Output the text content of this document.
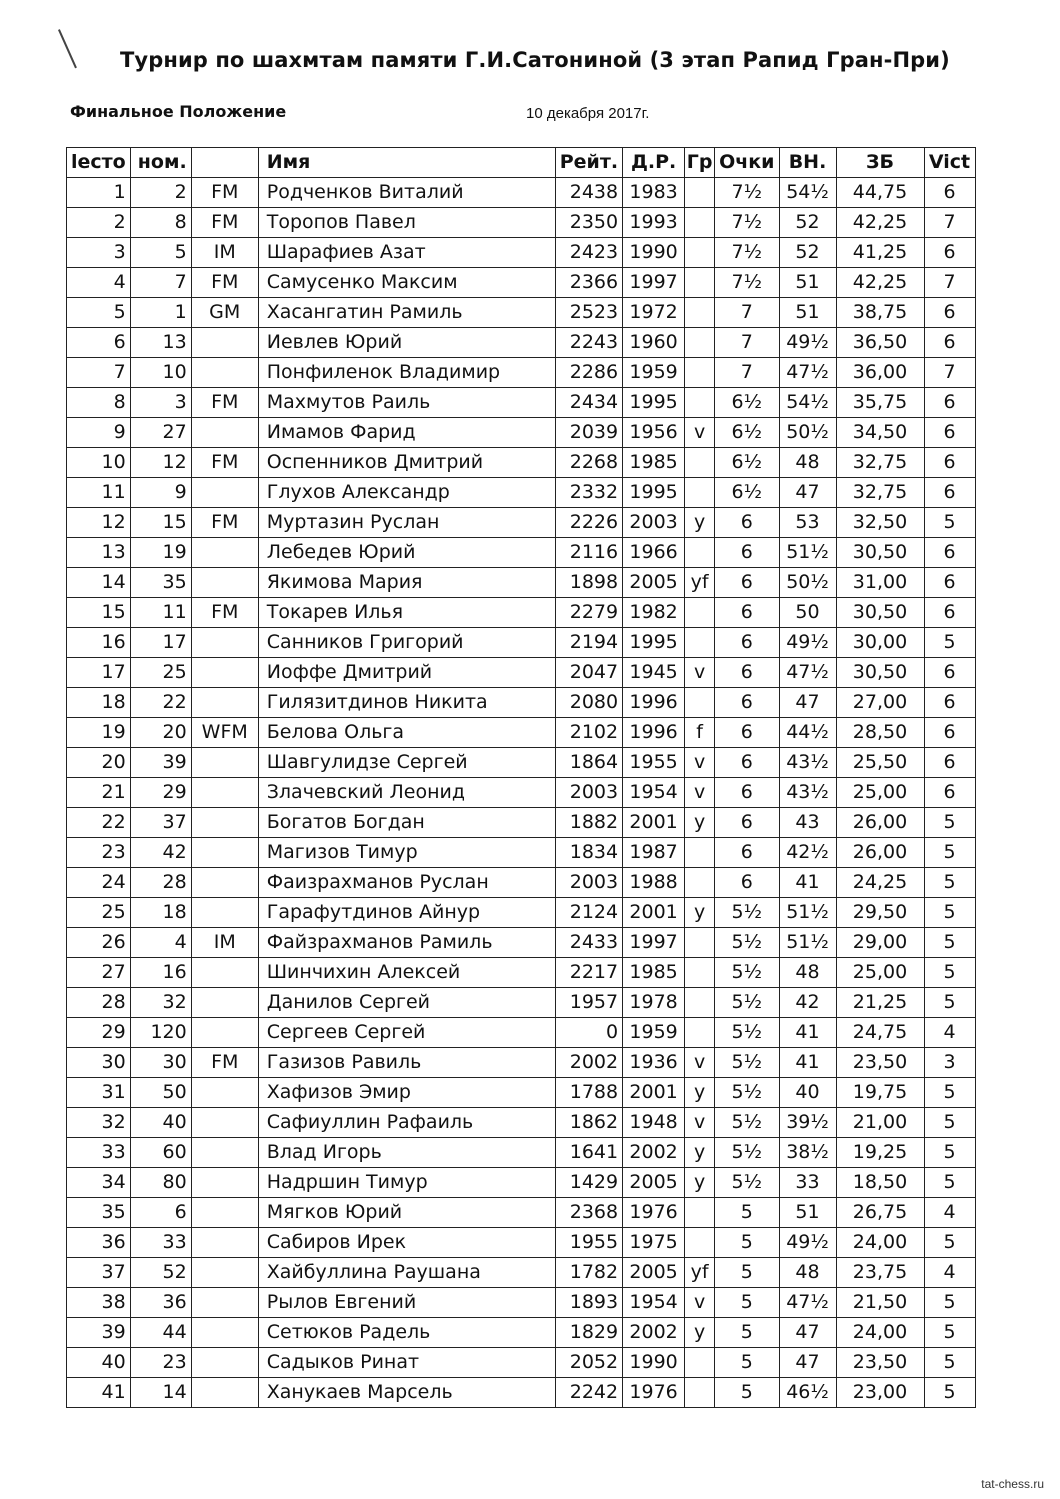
Турнир по шахмтам памяти Г.И.Сатониной (3 этап Рапид Гран-При)
Финальное Положение	10 декабря 2017г.
lесто	ном.		Имя	Рейт.	Д.Р.	Гр	Очки	ВН.	ЗБ	Vict
1	2	FM	Родченков Виталий	2438	1983		7½	54½	44,75	6
2	8	FM	Торопов Павел	2350	1993		7½	52	42,25	7
3	5	IM	Шарафиев Азат	2423	1990		7½	52	41,25	6
4	7	FM	Самусенко Максим	2366	1997		7½	51	42,25	7
5	1	GM	Хасангатин Рамиль	2523	1972		7	51	38,75	6
6	13		Иевлев Юрий	2243	1960		7	49½	36,50	6
7	10		Понфиленок Владимир	2286	1959		7	47½	36,00	7
8	3	FM	Махмутов Раиль	2434	1995		6½	54½	35,75	6
9	27		Имамов Фарид	2039	1956	v	6½	50½	34,50	6
10	12	FM	Оспенников Дмитрий	2268	1985		6½	48	32,75	6
11	9		Глухов Александр	2332	1995		6½	47	32,75	6
12	15	FM	Муртазин Руслан	2226	2003	y	6	53	32,50	5
13	19		Лебедев Юрий	2116	1966		6	51½	30,50	6
14	35		Якимова Мария	1898	2005	yf	6	50½	31,00	6
15	11	FM	Токарев Илья	2279	1982		6	50	30,50	6
16	17		Санников Григорий	2194	1995		6	49½	30,00	5
17	25		Иоффе Дмитрий	2047	1945	v	6	47½	30,50	6
18	22		Гилязитдинов Никита	2080	1996		6	47	27,00	6
19	20	WFM	Белова Ольга	2102	1996	f	6	44½	28,50	6
20	39		Шавгулидзе Сергей	1864	1955	v	6	43½	25,50	6
21	29		Злачевский Леонид	2003	1954	v	6	43½	25,00	6
22	37		Богатов Богдан	1882	2001	y	6	43	26,00	5
23	42		Магизов Тимур	1834	1987		6	42½	26,00	5
24	28		Фаизрахманов Руслан	2003	1988		6	41	24,25	5
25	18		Гарафутдинов Айнур	2124	2001	y	5½	51½	29,50	5
26	4	IM	Файзрахманов Рамиль	2433	1997		5½	51½	29,00	5
27	16		Шинчихин Алексей	2217	1985		5½	48	25,00	5
28	32		Данилов Сергей	1957	1978		5½	42	21,25	5
29	120		Сергеев Сергей	0	1959		5½	41	24,75	4
30	30	FM	Газизов Равиль	2002	1936	v	5½	41	23,50	3
31	50		Хафизов Эмир	1788	2001	y	5½	40	19,75	5
32	40		Сафиуллин Рафаиль	1862	1948	v	5½	39½	21,00	5
33	60		Влад Игорь	1641	2002	y	5½	38½	19,25	5
34	80		Надршин Тимур	1429	2005	y	5½	33	18,50	5
35	6		Мягков Юрий	2368	1976		5	51	26,75	4
36	33		Сабиров Ирек	1955	1975		5	49½	24,00	5
37	52		Хайбуллина Раушана	1782	2005	yf	5	48	23,75	4
38	36		Рылов Евгений	1893	1954	v	5	47½	21,50	5
39	44		Сетюков Радель	1829	2002	y	5	47	24,00	5
40	23		Садыков Ринат	2052	1990		5	47	23,50	5
41	14		Ханукаев Марсель	2242	1976		5	46½	23,00	5
tat-chess.ru
